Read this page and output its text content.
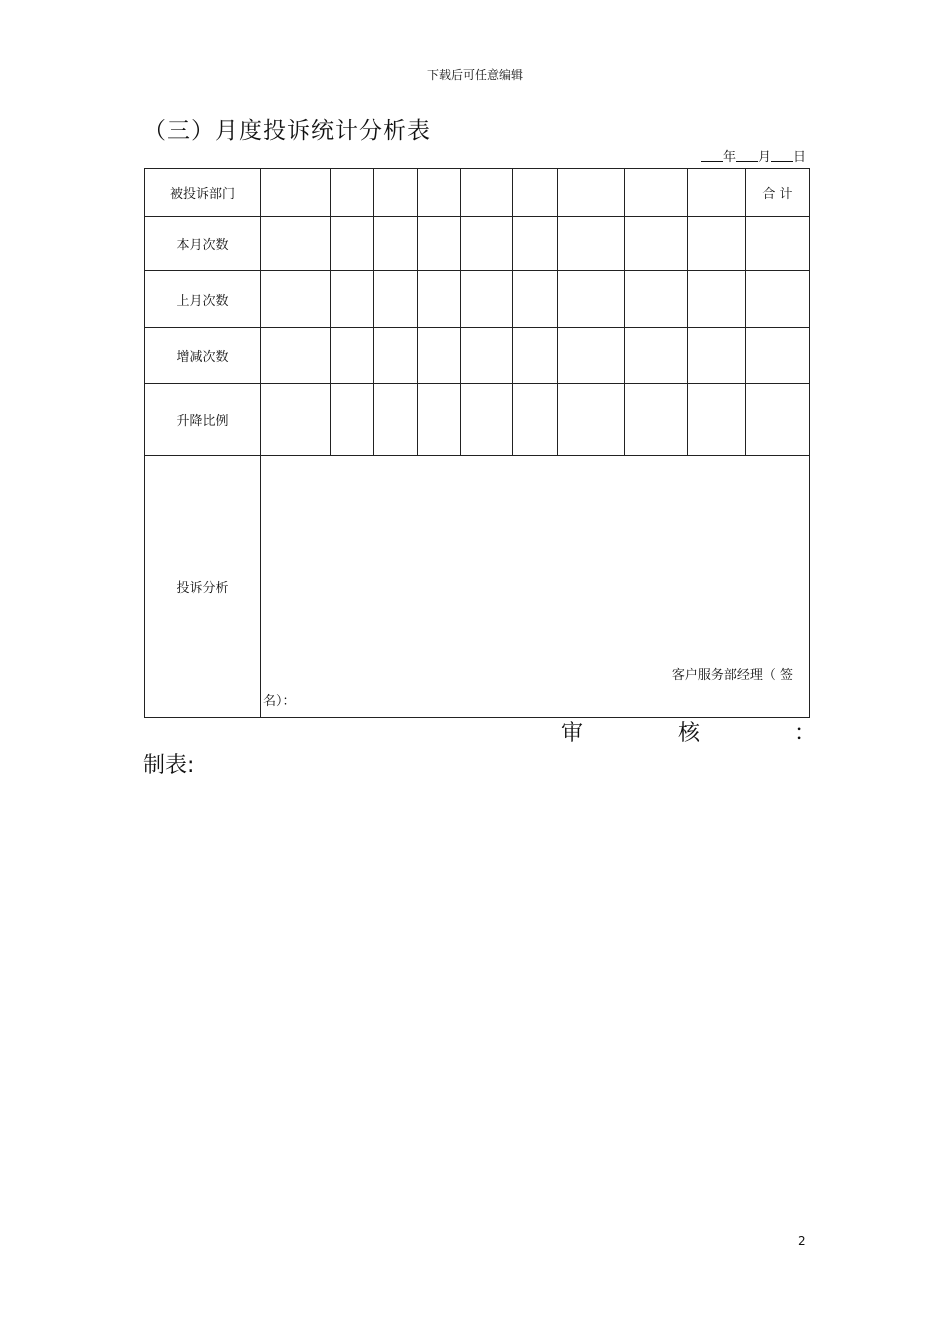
下载后可任意编辑
（三）月度投诉统计分析表
年 月 日
被投诉部门										合 计
本月次数										
上月次数										
增减次数										
升降比例										
投诉分析	客户服务部经理（ 签
名）：									
审	核	：
制表:
2
